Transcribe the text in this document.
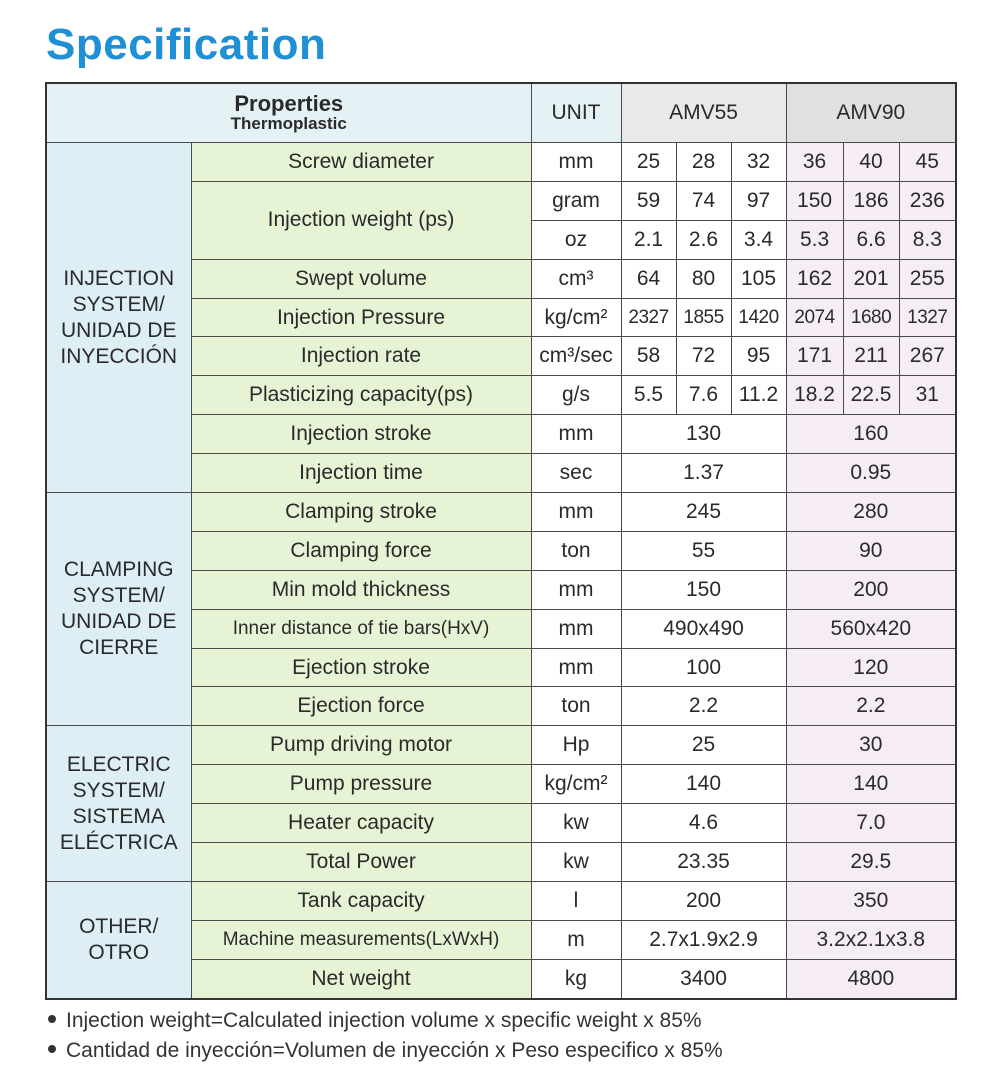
Specification
Properties
Thermoplastic		UNIT	AMV55			AMV90		

INJECTION
SYSTEM/
UNIDAD DE
INYECCIÓN	Screw diameter	mm	25	28	32	36	40	45
	Injection weight (ps)	gram	59	74	97	150	186	236
		oz	2.1	2.6	3.4	5.3	6.6	8.3
	Swept volume	cm³	64	80	105	162	201	255
	Injection Pressure	kg/cm²	2327	1855	1420	2074	1680	1327
	Injection rate	cm³/sec	58	72	95	171	211	267
	Plasticizing capacity(ps)	g/s	5.5	7.6	11.2	18.2	22.5	31
	Injection stroke	mm	130			160		
	Injection time	sec	1.37			0.95		

CLAMPING
SYSTEM/
UNIDAD DE
CIERRE	Clamping stroke	mm	245			280		
	Clamping force	ton	55			90		
	Min mold thickness	mm	150			200		
	Inner distance of tie bars(HxV)	mm	490x490			560x420		
	Ejection stroke	mm	100			120		
	Ejection force	ton	2.2			2.2		

ELECTRIC
SYSTEM/
SISTEMA
ELÉCTRICA	Pump driving motor	Hp	25			30		
	Pump pressure	kg/cm²	140			140		
	Heater capacity	kw	4.6			7.0		
	Total Power	kw	23.35			29.5		

OTHER/
OTRO	Tank capacity	l	200			350		
	Machine measurements(LxWxH)	m	2.7x1.9x2.9			3.2x2.1x3.8		
	Net weight	kg	3400			4800		
Injection weight=Calculated injection volume x specific weight x 85%
Cantidad de inyección=Volumen de inyección x Peso especifico x 85%
